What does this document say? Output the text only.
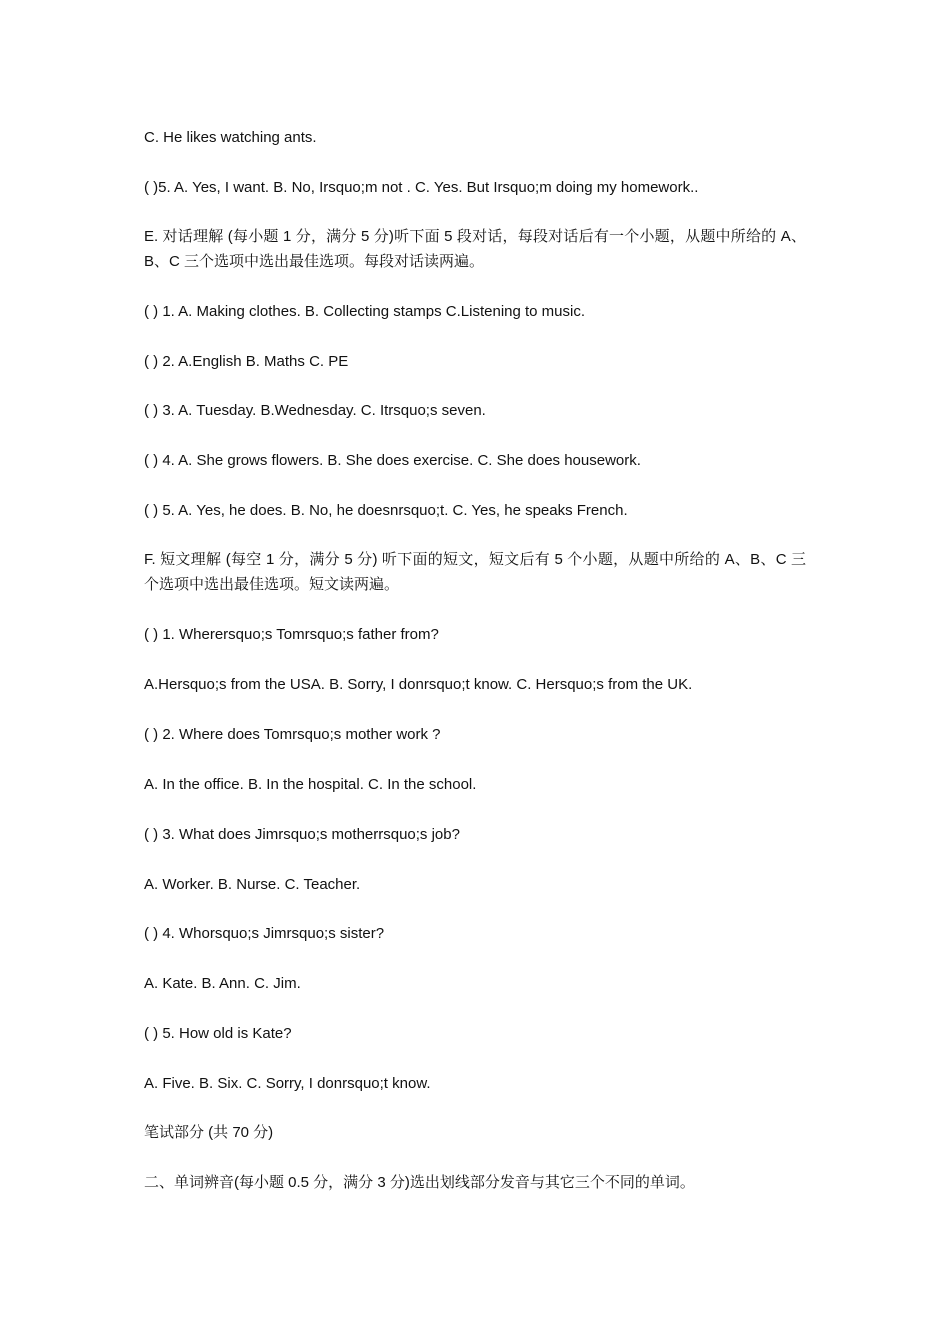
C. He likes watching ants.
( )5. A. Yes, I want. B. No, Irsquo;m not . C. Yes. But Irsquo;m doing my homework..
E. 对话理解 (每小题 1 分，满分 5 分)听下面 5 段对话，每段对话后有一个小题，从题中所给的 A、B、C 三个选项中选出最佳选项。每段对话读两遍。
( ) 1. A. Making clothes. B. Collecting stamps C.Listening to music.
( ) 2. A.English B. Maths C. PE
( ) 3. A. Tuesday. B.Wednesday. C. Itrsquo;s seven.
( ) 4. A. She grows flowers. B. She does exercise. C. She does housework.
( ) 5. A. Yes, he does. B. No, he doesnrsquo;t. C. Yes, he speaks French.
F. 短文理解 (每空 1 分，满分 5 分) 听下面的短文，短文后有 5 个小题，从题中所给的 A、B、C 三个选项中选出最佳选项。短文读两遍。
( ) 1. Wherersquo;s Tomrsquo;s father from?
A.Hersquo;s from the USA. B. Sorry, I donrsquo;t know. C. Hersquo;s from the UK.
( ) 2. Where does Tomrsquo;s mother work ?
A. In the office. B. In the hospital. C. In the school.
( ) 3. What does Jimrsquo;s motherrsquo;s job?
A. Worker. B. Nurse. C. Teacher.
( ) 4. Whorsquo;s Jimrsquo;s sister?
A. Kate. B. Ann. C. Jim.
( ) 5. How old is Kate?
A. Five. B. Six. C. Sorry, I donrsquo;t know.
笔试部分 (共 70 分)
二、单词辨音(每小题 0.5 分，满分 3 分)选出划线部分发音与其它三个不同的单词。
